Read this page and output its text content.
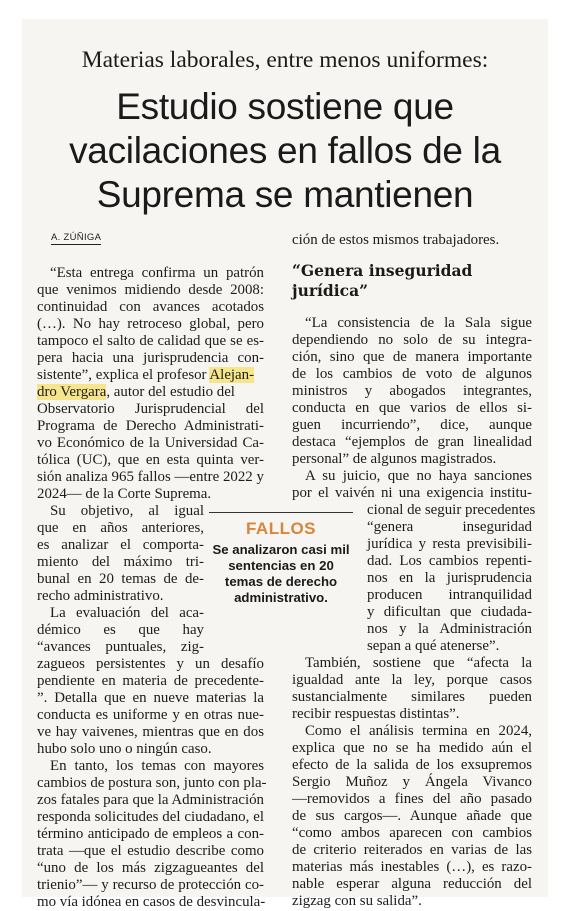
Materias laborales, entre menos uniformes:
Estudio sostiene que
vacilaciones en fallos de la
Suprema se mantienen
A. ZÚÑIGA
“Esta entrega confirma un patrón
que venimos midiendo desde 2008:
continuidad con avances acotados
(…). No hay retroceso global, pero
tampoco el salto de calidad que se es-
pera hacia una jurisprudencia con-
sistente”, explica el profesor Alejan-
dro Vergara, autor del estudio del
Observatorio Jurisprudencial del
Programa de Derecho Administrati-
vo Económico de la Universidad Ca-
tólica (UC), que en esta quinta ver-
sión analiza 965 fallos —entre 2022 y
2024— de la Corte Suprema.
Su objetivo, al igual
que en años anteriores,
es analizar el comporta-
miento del máximo tri-
bunal en 20 temas de de-
recho administrativo.
La evaluación del aca-
démico es que hay
“avances puntuales, zig-
zagueos persistentes y un desafío
pendiente en materia de precedente-
”. Detalla que en nueve materias la
conducta es uniforme y en otras nue-
ve hay vaivenes, mientras que en dos
hubo solo uno o ningún caso.
En tanto, los temas con mayores
cambios de postura son, junto con pla-
zos fatales para que la Administración
responda solicitudes del ciudadano, el
término anticipado de empleos a con-
trata —que el estudio describe como
“uno de los más zigzagueantes del
trienio”— y recurso de protección co-
mo vía idónea en casos de desvincula-
FALLOS
Se analizaron casi mil sentencias en 20 temas de derecho administrativo.
ción de estos mismos trabajadores.
“Genera inseguridad
jurídica”
“La consistencia de la Sala sigue
dependiendo no solo de su integra-
ción, sino que de manera importante
de los cambios de voto de algunos
ministros y abogados integrantes,
conducta en que varios de ellos si-
guen incurriendo”, dice, aunque
destaca “ejemplos de gran linealidad
personal” de algunos magistrados.
A su juicio, que no haya sanciones
por el vaivén ni una exigencia institu-
cional de seguir precedentes
“genera inseguridad
jurídica y resta previsibili-
dad. Los cambios repenti-
nos en la jurisprudencia
producen intranquilidad
y dificultan que ciudada-
nos y la Administración
sepan a qué atenerse”.
También, sostiene que “afecta la
igualdad ante la ley, porque casos
sustancialmente similares pueden
recibir respuestas distintas”.
Como el análisis termina en 2024,
explica que no se ha medido aún el
efecto de la salida de los exsupremos
Sergio Muñoz y Ángela Vivanco
—removidos a fines del año pasado
de sus cargos—. Aunque añade que
“como ambos aparecen con cambios
de criterio reiterados en varias de las
materias más inestables (…), es razo-
nable esperar alguna reducción del
zigzag con su salida”.
